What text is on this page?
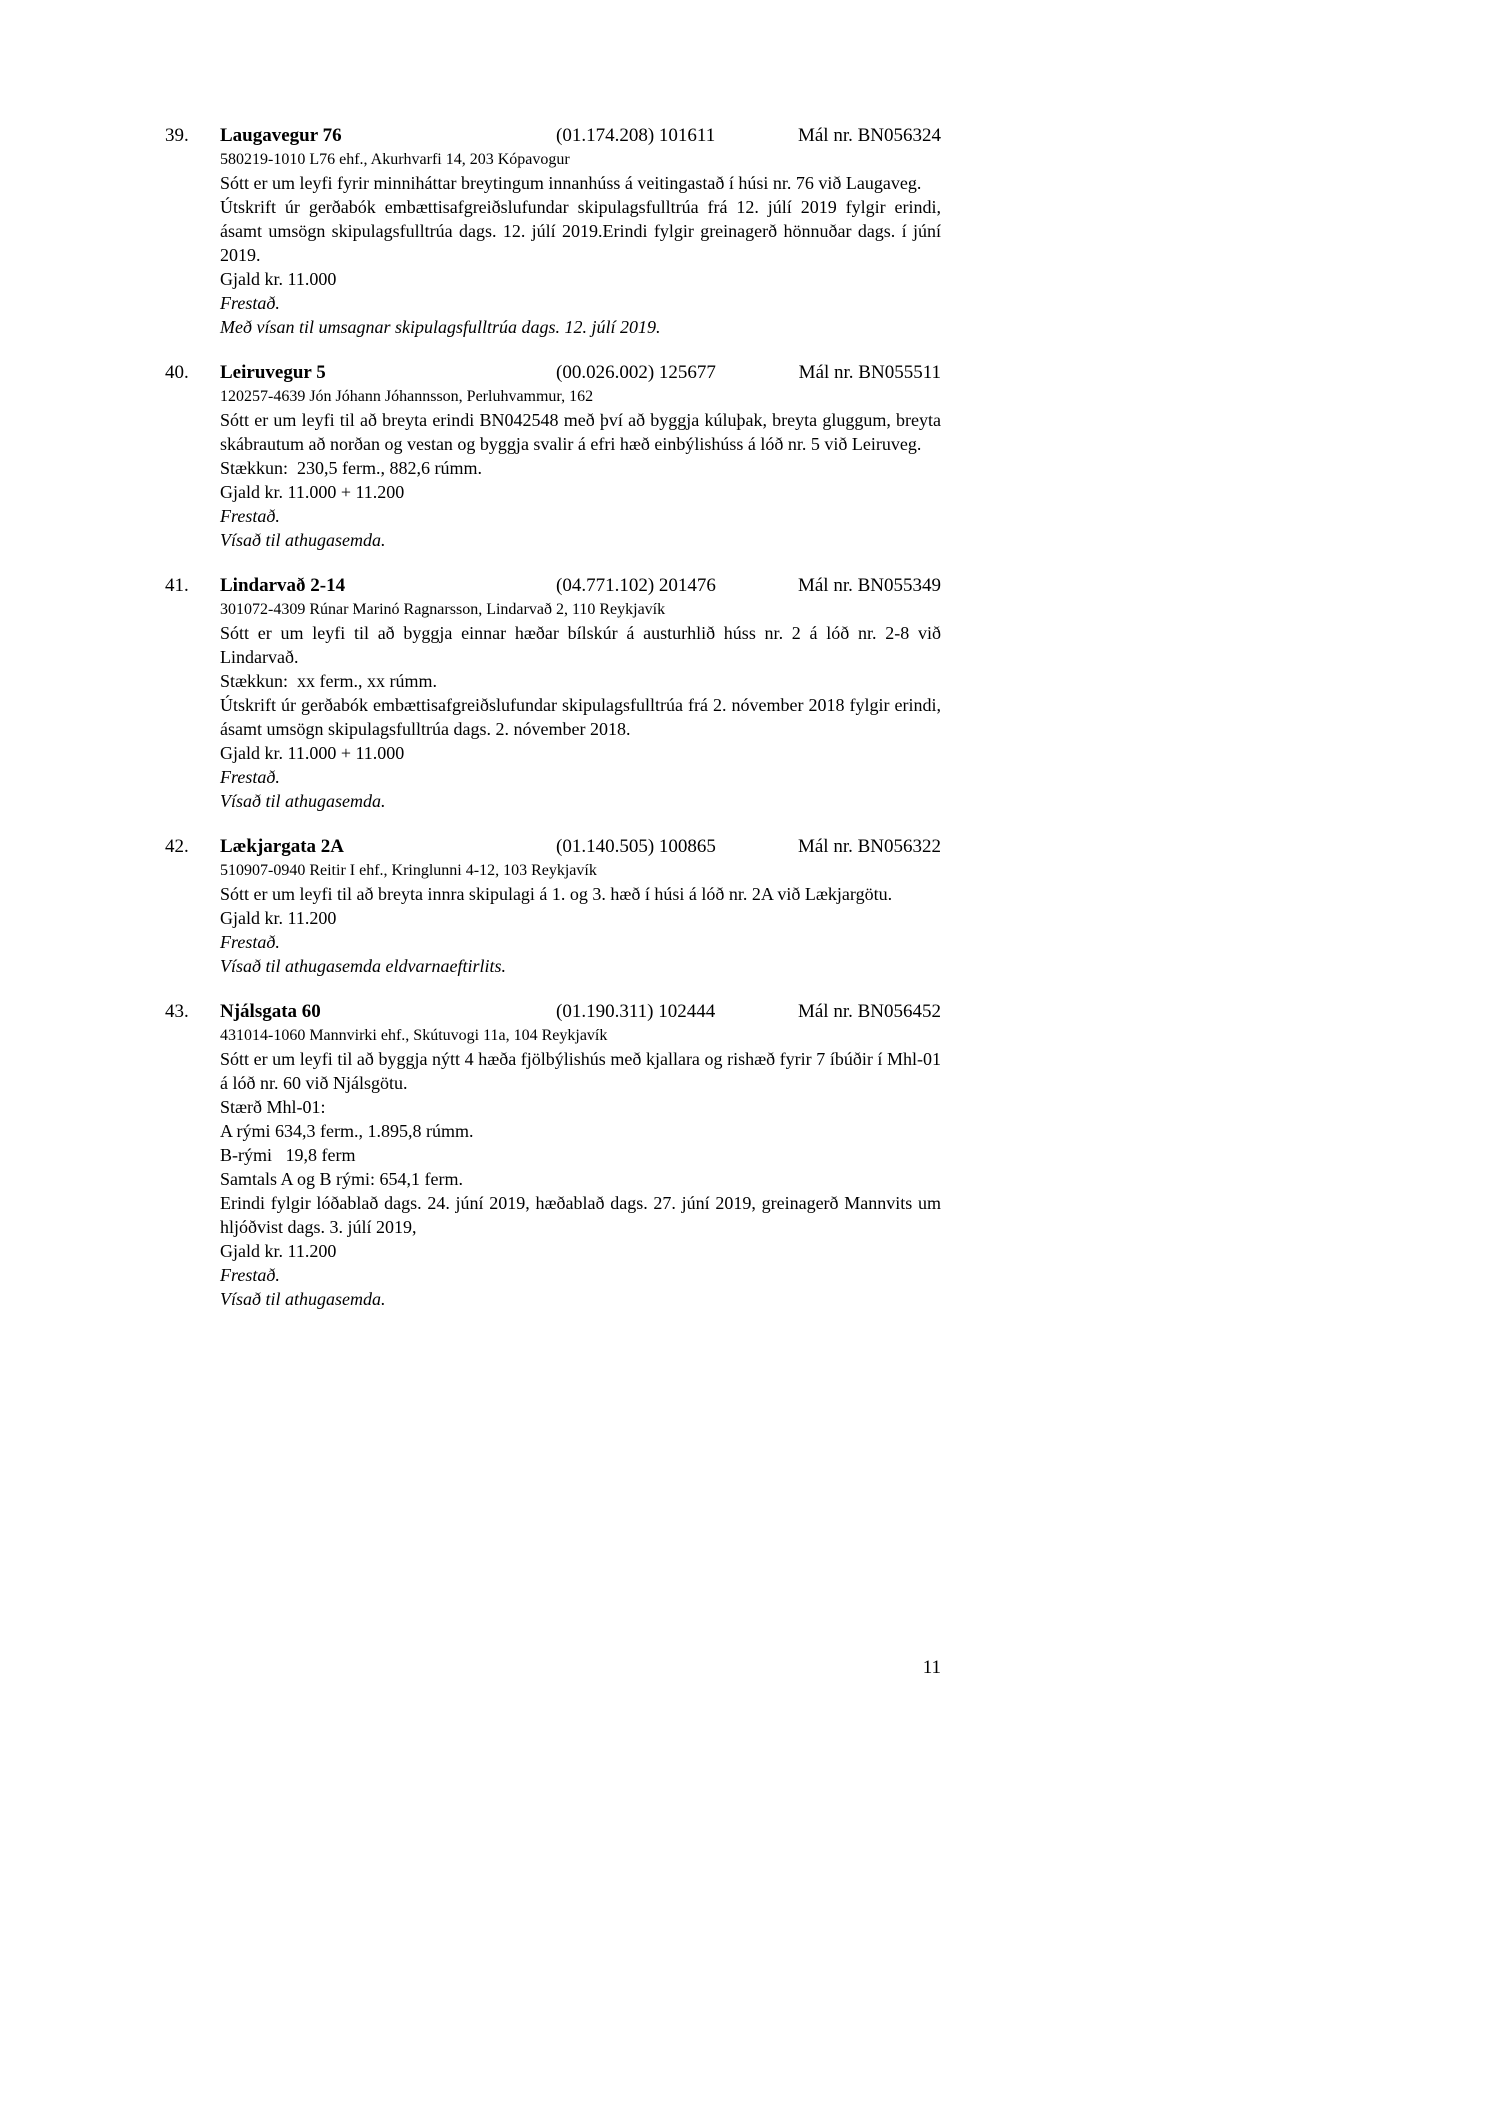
39.	Laugavegur 76	(01.174.208) 101611	Mál nr. BN056324
580219-1010 L76 ehf., Akurhvarfi 14, 203 Kópavogur

Sótt er um leyfi fyrir minniháttar breytingum innanhúss á veitingastað í húsi nr. 76 við Laugaveg.

Útskrift úr gerðabók embættisafgreiðslufundar skipulagsfulltrúa frá 12. júlí 2019 fylgir erindi, ásamt umsögn skipulagsfulltrúa dags. 12. júlí 2019.Erindi fylgir greinagerð hönnuðar dags. í júní 2019.

Gjald kr. 11.000

Frestað.

Með vísan til umsagnar skipulagsfulltrúa dags. 12. júlí 2019.

40.	Leiruvegur 5	(00.026.002) 125677	Mál nr. BN055511
120257-4639 Jón Jóhann Jóhannsson, Perluhvammur, 162

Sótt er um leyfi til að breyta erindi BN042548 með því að byggja kúluþak, breyta gluggum, breyta skábrautum að norðan og vestan og byggja svalir á efri hæð einbýlishúss á lóð nr. 5 við Leiruveg.

Stækkun:  230,5 ferm., 882,6 rúmm.

Gjald kr. 11.000 + 11.200

Frestað.

Vísað til athugasemda.

41.	Lindarvað 2-14	(04.771.102) 201476	Mál nr. BN055349
301072-4309 Rúnar Marinó Ragnarsson, Lindarvað 2, 110 Reykjavík

Sótt er um leyfi til að byggja einnar hæðar bílskúr á austurhlið húss nr. 2 á lóð nr. 2-8 við Lindarvað.

Stækkun:  xx ferm., xx rúmm.

Útskrift úr gerðabók embættisafgreiðslufundar skipulagsfulltrúa frá 2. nóvember 2018 fylgir erindi, ásamt umsögn skipulagsfulltrúa dags. 2. nóvember 2018.

Gjald kr. 11.000 + 11.000

Frestað.

Vísað til athugasemda.

42.	Lækjargata 2A	(01.140.505) 100865	Mál nr. BN056322
510907-0940 Reitir I ehf., Kringlunni 4-12, 103 Reykjavík

Sótt er um leyfi til að breyta innra skipulagi á 1. og 3. hæð í húsi á lóð nr. 2A við Lækjargötu.

Gjald kr. 11.200

Frestað.

Vísað til athugasemda eldvarnaeftirlits.

43.	Njálsgata 60	(01.190.311) 102444	Mál nr. BN056452
431014-1060 Mannvirki ehf., Skútuvogi 11a, 104 Reykjavík

Sótt er um leyfi til að byggja nýtt 4 hæða fjölbýlishús með kjallara og rishæð fyrir 7 íbúðir í Mhl-01 á lóð nr. 60 við Njálsgötu.

Stærð Mhl-01:

A rými 634,3 ferm., 1.895,8 rúmm.

B-rými   19,8 ferm

Samtals A og B rými: 654,1 ferm.

Erindi fylgir lóðablað dags. 24. júní 2019, hæðablað dags. 27. júní 2019, greinagerð Mannvits um hljóðvist dags. 3. júlí 2019,

Gjald kr. 11.200

Frestað.

Vísað til athugasemda.

11
